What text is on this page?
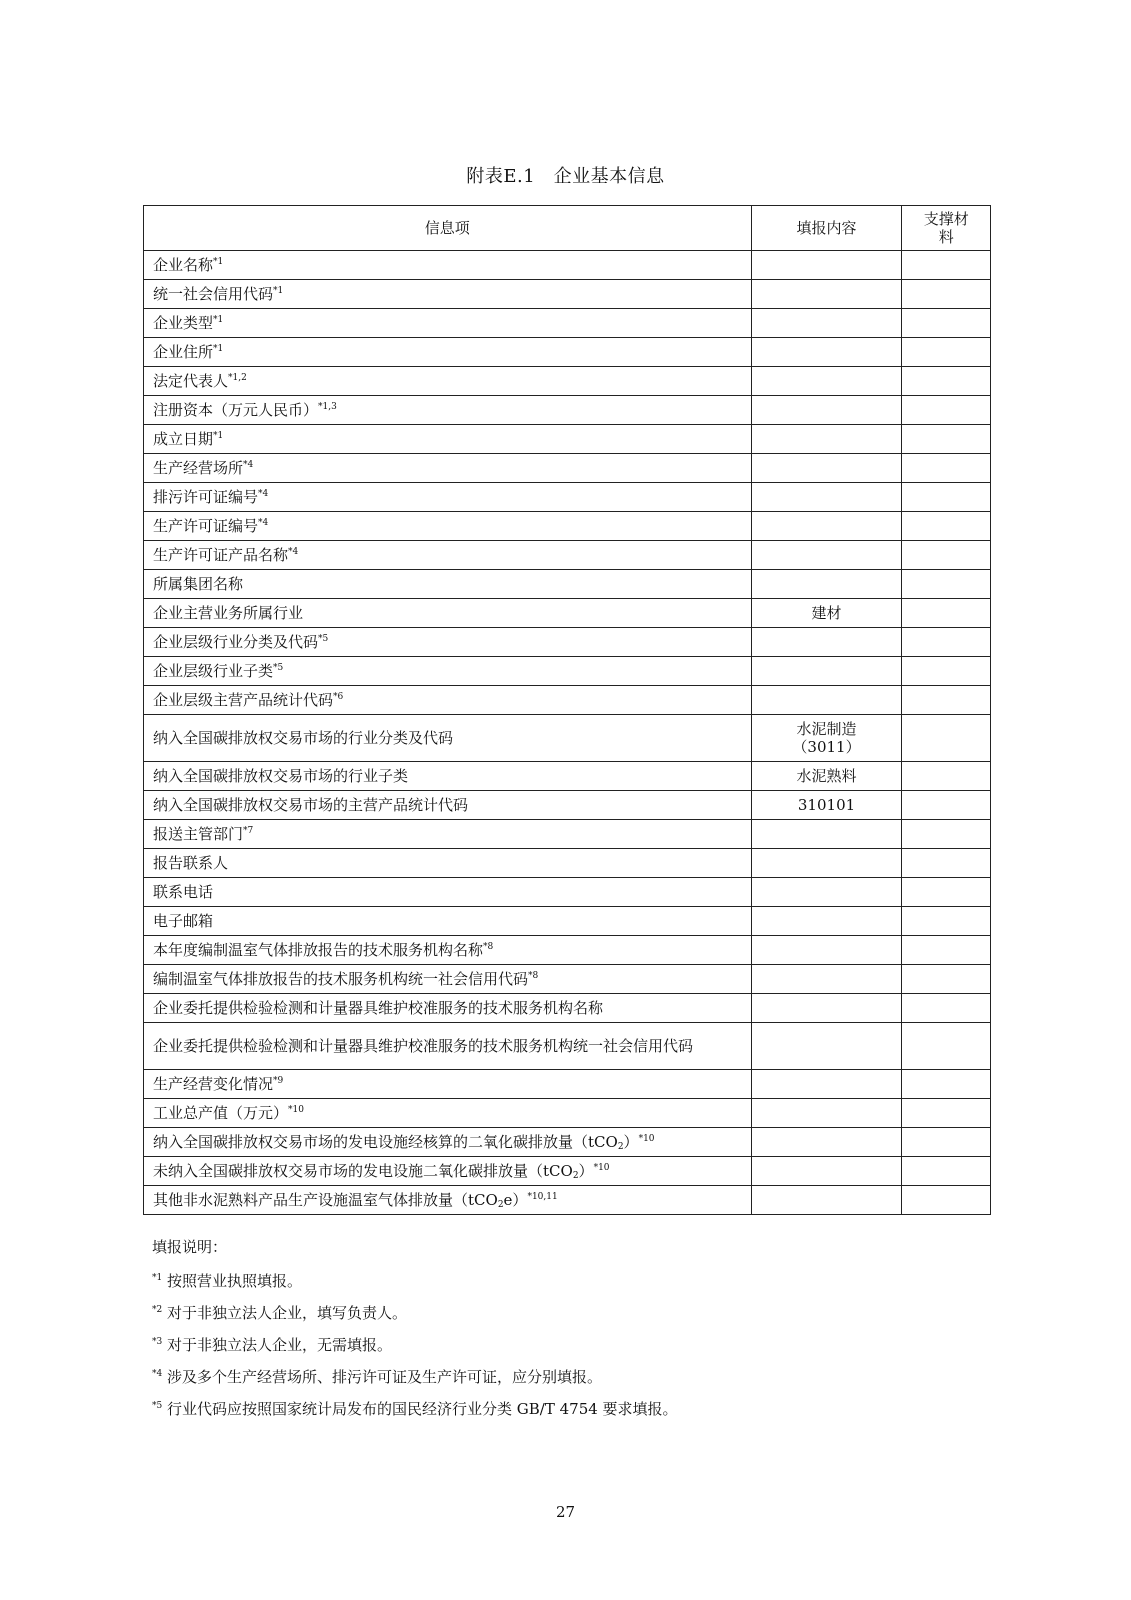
附表E.1　企业基本信息
信息项	填报内容	支撑材料
企业名称$^{*1}$	

统一社会信用代码$^{*1}$	

企业类型$^{*1}$	

企业住所$^{*1}$	

法定代表人$^{*1,2}$	

注册资本（万元人民币）$^{*1,3}$	

成立日期$^{*1}$	

生产经营场所$^{*4}$	

排污许可证编号$^{*4}$	

生产许可证编号$^{*4}$	

生产许可证产品名称$^{*4}$	

所属集团名称	

企业主营业务所属行业	建材	

企业层级行业分类及代码$^{*5}$	

企业层级行业子类$^{*5}$	

企业层级主营产品统计代码$^{*6}$	

纳入全国碳排放权交易市场的行业分类及代码	水泥制造
（3011）	

纳入全国碳排放权交易市场的行业子类	水泥熟料	

纳入全国碳排放权交易市场的主营产品统计代码	310101	

报送主管部门$^{*7}$	

报告联系人	

联系电话	

电子邮箱	

本年度编制温室气体排放报告的技术服务机构名称$^{*8}$	

编制温室气体排放报告的技术服务机构统一社会信用代码$^{*8}$	

企业委托提供检验检测和计量器具维护校准服务的技术服务机构名称	

企业委托提供检验检测和计量器具维护校准服务的技术服务机构统一社会信用代码	

生产经营变化情况$^{*9}$	

工业总产值（万元）$^{*10}$	

纳入全国碳排放权交易市场的发电设施经核算的二氧化碳排放量$(tCO_2)^{*10}$	

未纳入全国碳排放权交易市场的发电设施二氧化碳排放量$(tCO_2)^{*10}$	

其他非水泥熟料产品生产设施温室气体排放量$(tCO_2e)^{*10,11}$	

填报说明：
$^{*1}$ 按照营业执照填报。
$^{*2}$ 对于非独立法人企业，填写负责人。
$^{*3}$ 对于非独立法人企业，无需填报。
$^{*4}$ 涉及多个生产经营场所、排污许可证及生产许可证，应分别填报。
$^{*5}$ 行业代码应按照国家统计局发布的国民经济行业分类 GB/T 4754 要求填报。
27
